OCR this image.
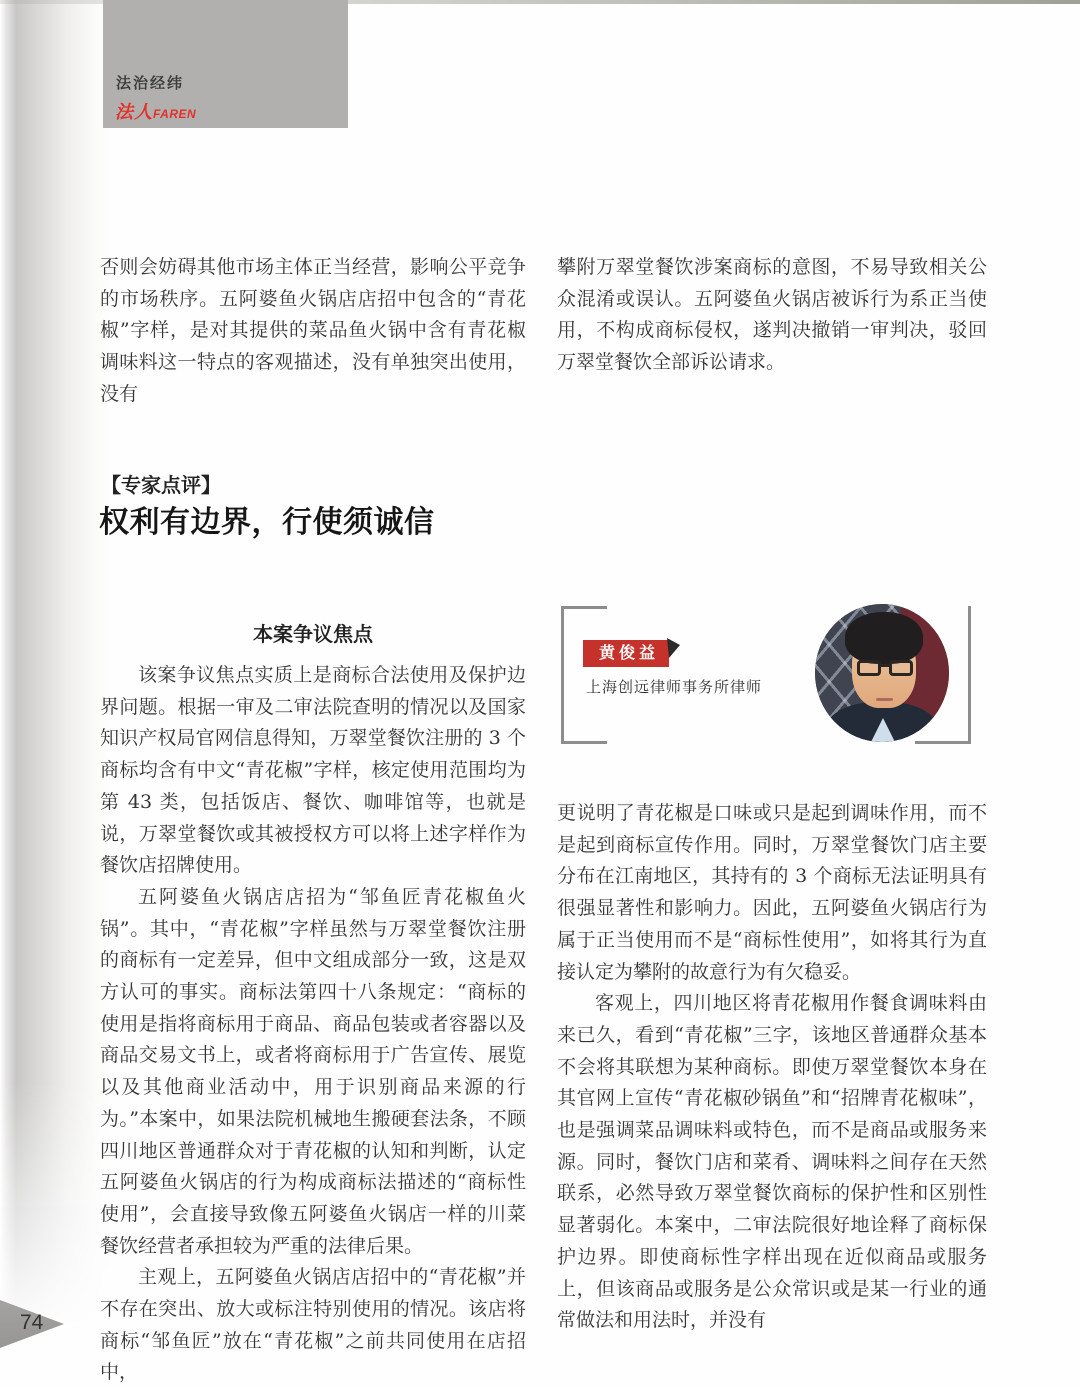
法治经纬
法人FAREN

否则会妨碍其他市场主体正当经营，影响公平竞争的市场秩序。五阿婆鱼火锅店店招中包含的“青花椒”字样，是对其提供的菜品鱼火锅中含有青花椒调味料这一特点的客观描述，没有单独突出使用，没有

攀附万翠堂餐饮涉案商标的意图，不易导致相关公众混淆或误认。五阿婆鱼火锅店被诉行为系正当使用，不构成商标侵权，遂判决撤销一审判决，驳回万翠堂餐饮全部诉讼请求。

【专家点评】
权利有边界，行使须诚信
本案争议焦点

该案争议焦点实质上是商标合法使用及保护边界问题。根据一审及二审法院查明的情况以及国家知识产权局官网信息得知，万翠堂餐饮注册的 3 个商标均含有中文“青花椒”字样，核定使用范围均为第 43 类，包括饭店、餐饮、咖啡馆等，也就是说，万翠堂餐饮或其被授权方可以将上述字样作为餐饮店招牌使用。

五阿婆鱼火锅店店招为“邹鱼匠青花椒鱼火锅”。其中，“青花椒”字样虽然与万翠堂餐饮注册的商标有一定差异，但中文组成部分一致，这是双方认可的事实。商标法第四十八条规定：“商标的使用是指将商标用于商品、商品包装或者容器以及商品交易文书上，或者将商标用于广告宣传、展览以及其他商业活动中，用于识别商品来源的行为。”本案中，如果法院机械地生搬硬套法条，不顾四川地区普通群众对于青花椒的认知和判断，认定五阿婆鱼火锅店的行为构成商标法描述的“商标性使用”，会直接导致像五阿婆鱼火锅店一样的川菜餐饮经营者承担较为严重的法律后果。

主观上，五阿婆鱼火锅店店招中的“青花椒”并不存在突出、放大或标注特别使用的情况。该店将商标“邹鱼匠”放在“青花椒”之前共同使用在店招中，

黄俊益
上海创远律师事务所律师

更说明了青花椒是口味或只是起到调味作用，而不是起到商标宣传作用。同时，万翠堂餐饮门店主要分布在江南地区，其持有的 3 个商标无法证明具有很强显著性和影响力。因此，五阿婆鱼火锅店行为属于正当使用而不是“商标性使用”，如将其行为直接认定为攀附的故意行为有欠稳妥。

客观上，四川地区将青花椒用作餐食调味料由来已久，看到“青花椒”三字，该地区普通群众基本不会将其联想为某种商标。即使万翠堂餐饮本身在其官网上宣传“青花椒砂锅鱼”和“招牌青花椒味”，也是强调菜品调味料或特色，而不是商品或服务来源。同时，餐饮门店和菜肴、调味料之间存在天然联系，必然导致万翠堂餐饮商标的保护性和区别性显著弱化。本案中，二审法院很好地诠释了商标保护边界。即使商标性字样出现在近似商品或服务上，但该商品或服务是公众常识或是某一行业的通常做法和用法时，并没有

74
